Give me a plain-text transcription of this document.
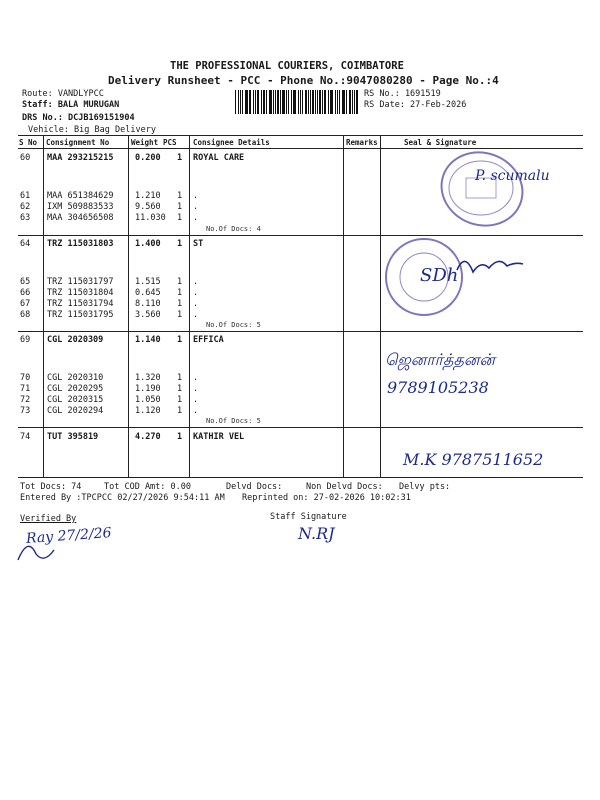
THE PROFESSIONAL COURIERS, COIMBATORE
Delivery Runsheet - PCC - Phone No.:9047080280 - Page No.:4
Route: VANDLYPCC
Staff: BALA MURUGAN
DRS No.: DCJB169151904
Vehicle: Big Bag Delivery
RS No.: 1691519
RS Date: 27-Feb-2026
S No Consignment No	Weight PCS Consignee Details	Remarks	Seal & Signature
60 MAA 293215215	0.200 1 ROYAL CARE
61 MAA 651384629	1.210 1 .
62 IXM 509883533	9.560 1 .
63 MAA 304656508	11.030 1 .
No.Of Docs: 4
64 TRZ 115031803	1.400 1 ST
65 TRZ 115031797	1.515 1 .
66 TRZ 115031804	0.645 1 .
67 TRZ 115031794	8.110 1 .
68 TRZ 115031795	3.560 1 .
No.Of Docs: 5
69 CGL 2020309	1.140 1 EFFICA
70 CGL 2020310	1.320 1 .
71 CGL 2020295	1.190 1 .
72 CGL 2020315	1.050 1 .
73 CGL 2020294	1.120 1 .
No.Of Docs: 5
74 TUT 395819	4.270 1 KATHIR VEL
P. scumalu
SDh
ஜெனார்த்தனன்
9789105238
M.K 9787511652
Tot Docs: 74	Tot COD Amt: 0.00	Delvd Docs:	Non Delvd Docs: Delvy pts:
Entered By :TPCPCC 02/27/2026 9:54:11 AM Reprinted on: 27-02-2026 10:02:31
Verified By	Staff Signature
Ray 27/2/26	N.RJ
